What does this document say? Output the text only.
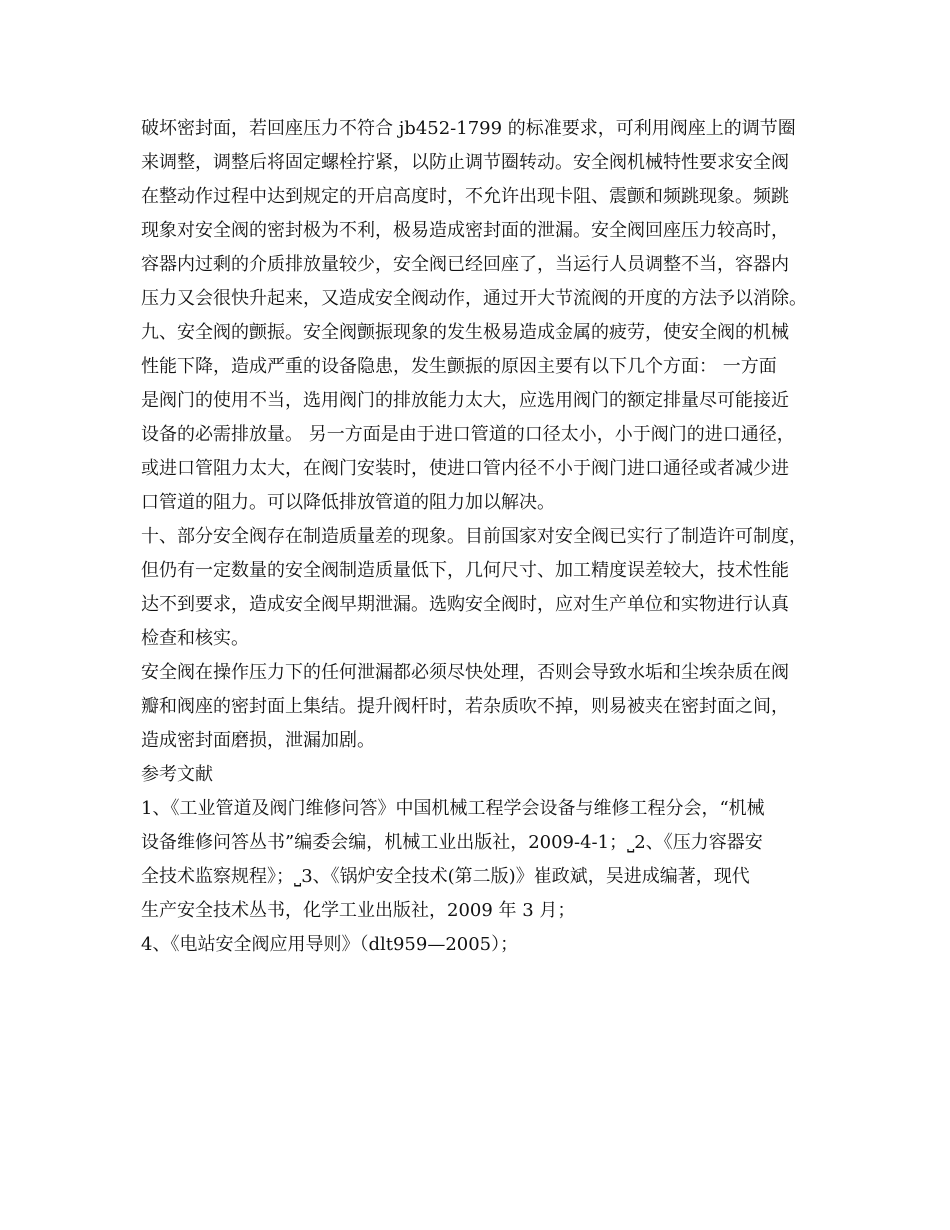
破坏密封面，若回座压力不符合 jb452-1799 的标准要求，可利用阀座上的调节圈
来调整，调整后将固定螺栓拧紧，以防止调节圈转动。安全阀机械特性要求安全阀
在整动作过程中达到规定的开启高度时，不允许出现卡阻、震颤和频跳现象。频跳
现象对安全阀的密封极为不利，极易造成密封面的泄漏。安全阀回座压力较高时，
容器内过剩的介质排放量较少，安全阀已经回座了，当运行人员调整不当，容器内
压力又会很快升起来，又造成安全阀动作，通过开大节流阀的开度的方法予以消除。
九、安全阀的颤振。安全阀颤振现象的发生极易造成金属的疲劳，使安全阀的机械
性能下降，造成严重的设备隐患，发生颤振的原因主要有以下几个方面： 一方面
是阀门的使用不当，选用阀门的排放能力太大，应选用阀门的额定排量尽可能接近
设备的必需排放量。 另一方面是由于进口管道的口径太小，小于阀门的进口通径，
或进口管阻力太大，在阀门安装时，使进口管内径不小于阀门进口通径或者减少进
口管道的阻力。可以降低排放管道的阻力加以解决。
十、部分安全阀存在制造质量差的现象。目前国家对安全阀已实行了制造许可制度，
但仍有一定数量的安全阀制造质量低下，几何尺寸、加工精度误差较大，技术性能
达不到要求，造成安全阀早期泄漏。选购安全阀时，应对生产单位和实物进行认真
检查和核实。
安全阀在操作压力下的任何泄漏都必须尽快处理，否则会导致水垢和尘埃杂质在阀
瓣和阀座的密封面上集结。提升阀杆时，若杂质吹不掉，则易被夹在密封面之间，
造成密封面磨损，泄漏加剧。
参考文献
1、《工业管道及阀门维修问答》中国机械工程学会设备与维修工程分会，“机械
设备维修问答丛书”编委会编，机械工业出版社，2009-4-1；⎵2、《压力容器安
全技术监察规程》；⎵3、《锅炉安全技术(第二版)》崔政斌，吴进成编著，现代
生产安全技术丛书，化学工业出版社，2009 年 3 月；
4、《电站安全阀应用导则》（dlt959—2005）；
